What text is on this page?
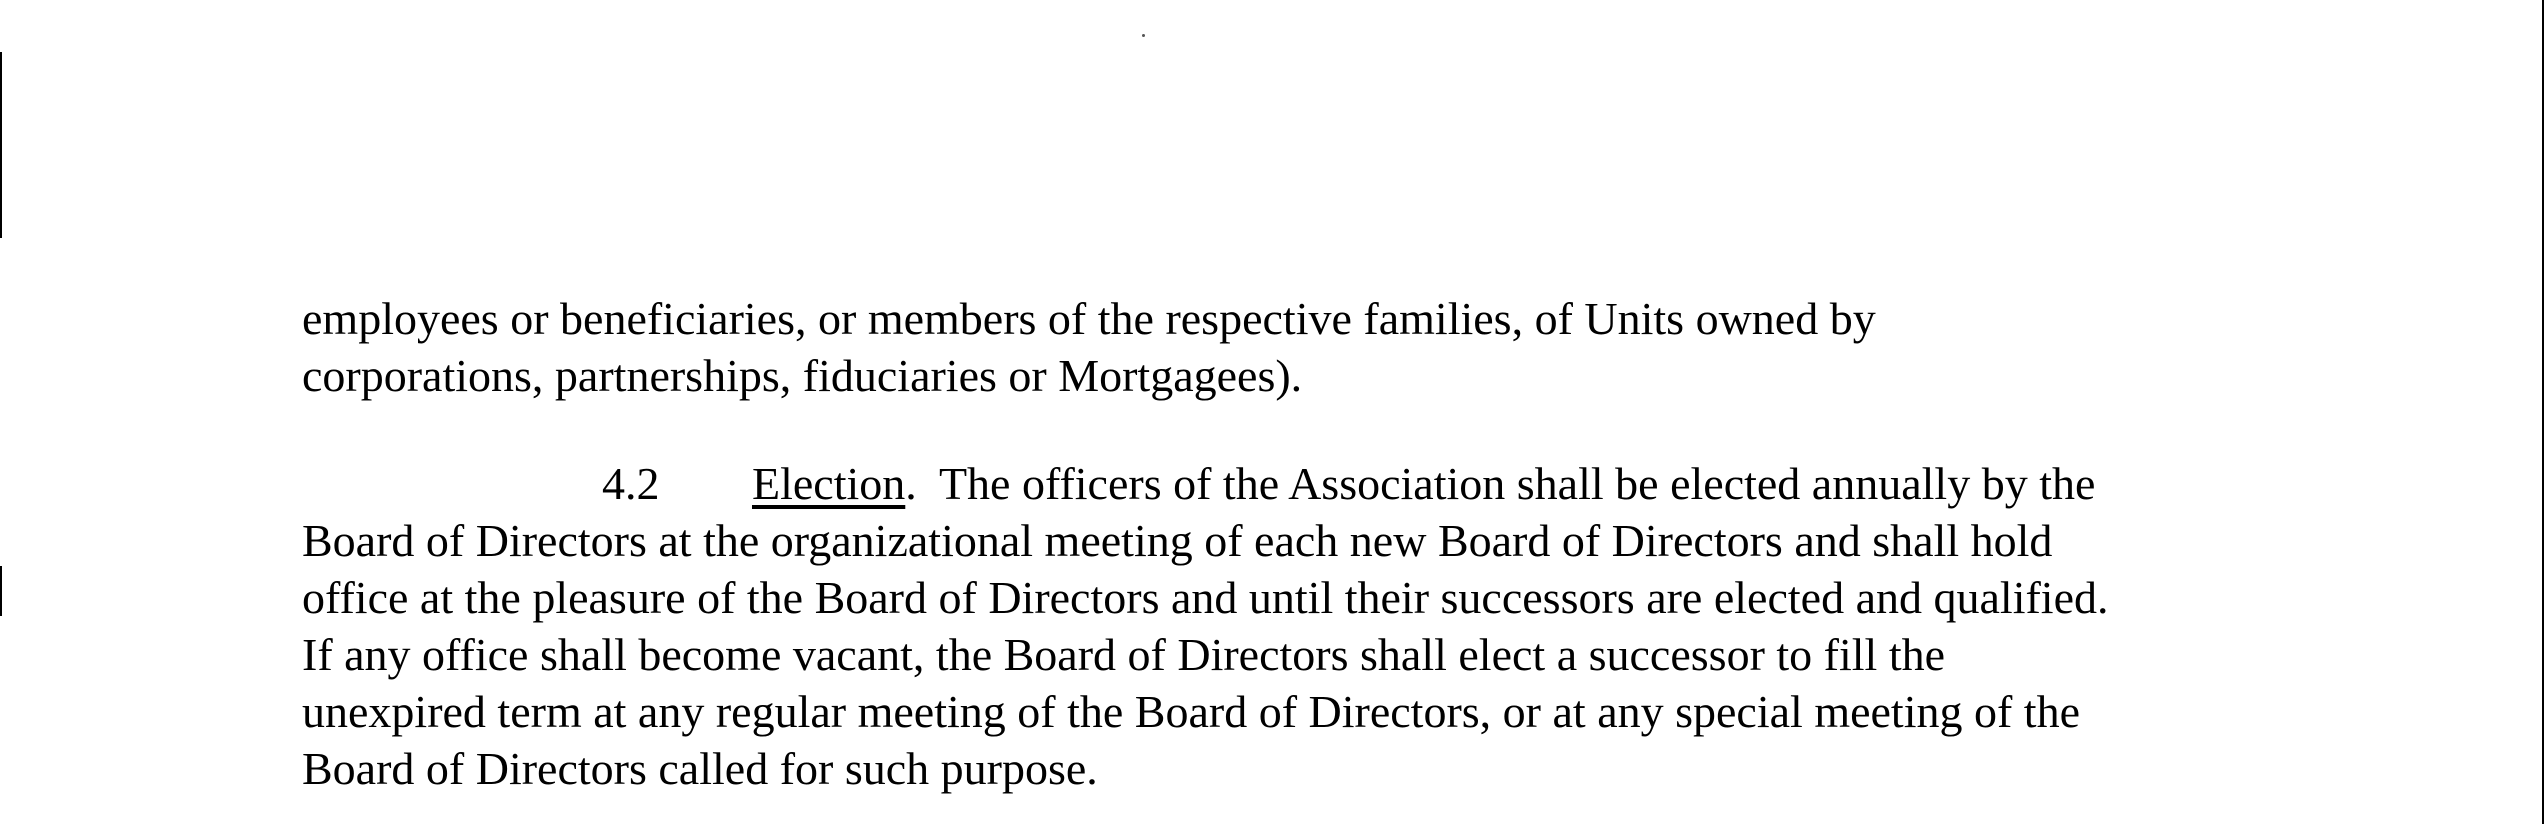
employees or beneficiaries, or members of the respective families, of Units owned by
corporations, partnerships, fiduciaries or Mortgagees).
4.2 Election.  The officers of the Association shall be elected annually by the
Board of Directors at the organizational meeting of each new Board of Directors and shall hold
office at the pleasure of the Board of Directors and until their successors are elected and qualified.
If any office shall become vacant, the Board of Directors shall elect a successor to fill the
unexpired term at any regular meeting of the Board of Directors, or at any special meeting of the
Board of Directors called for such purpose.
